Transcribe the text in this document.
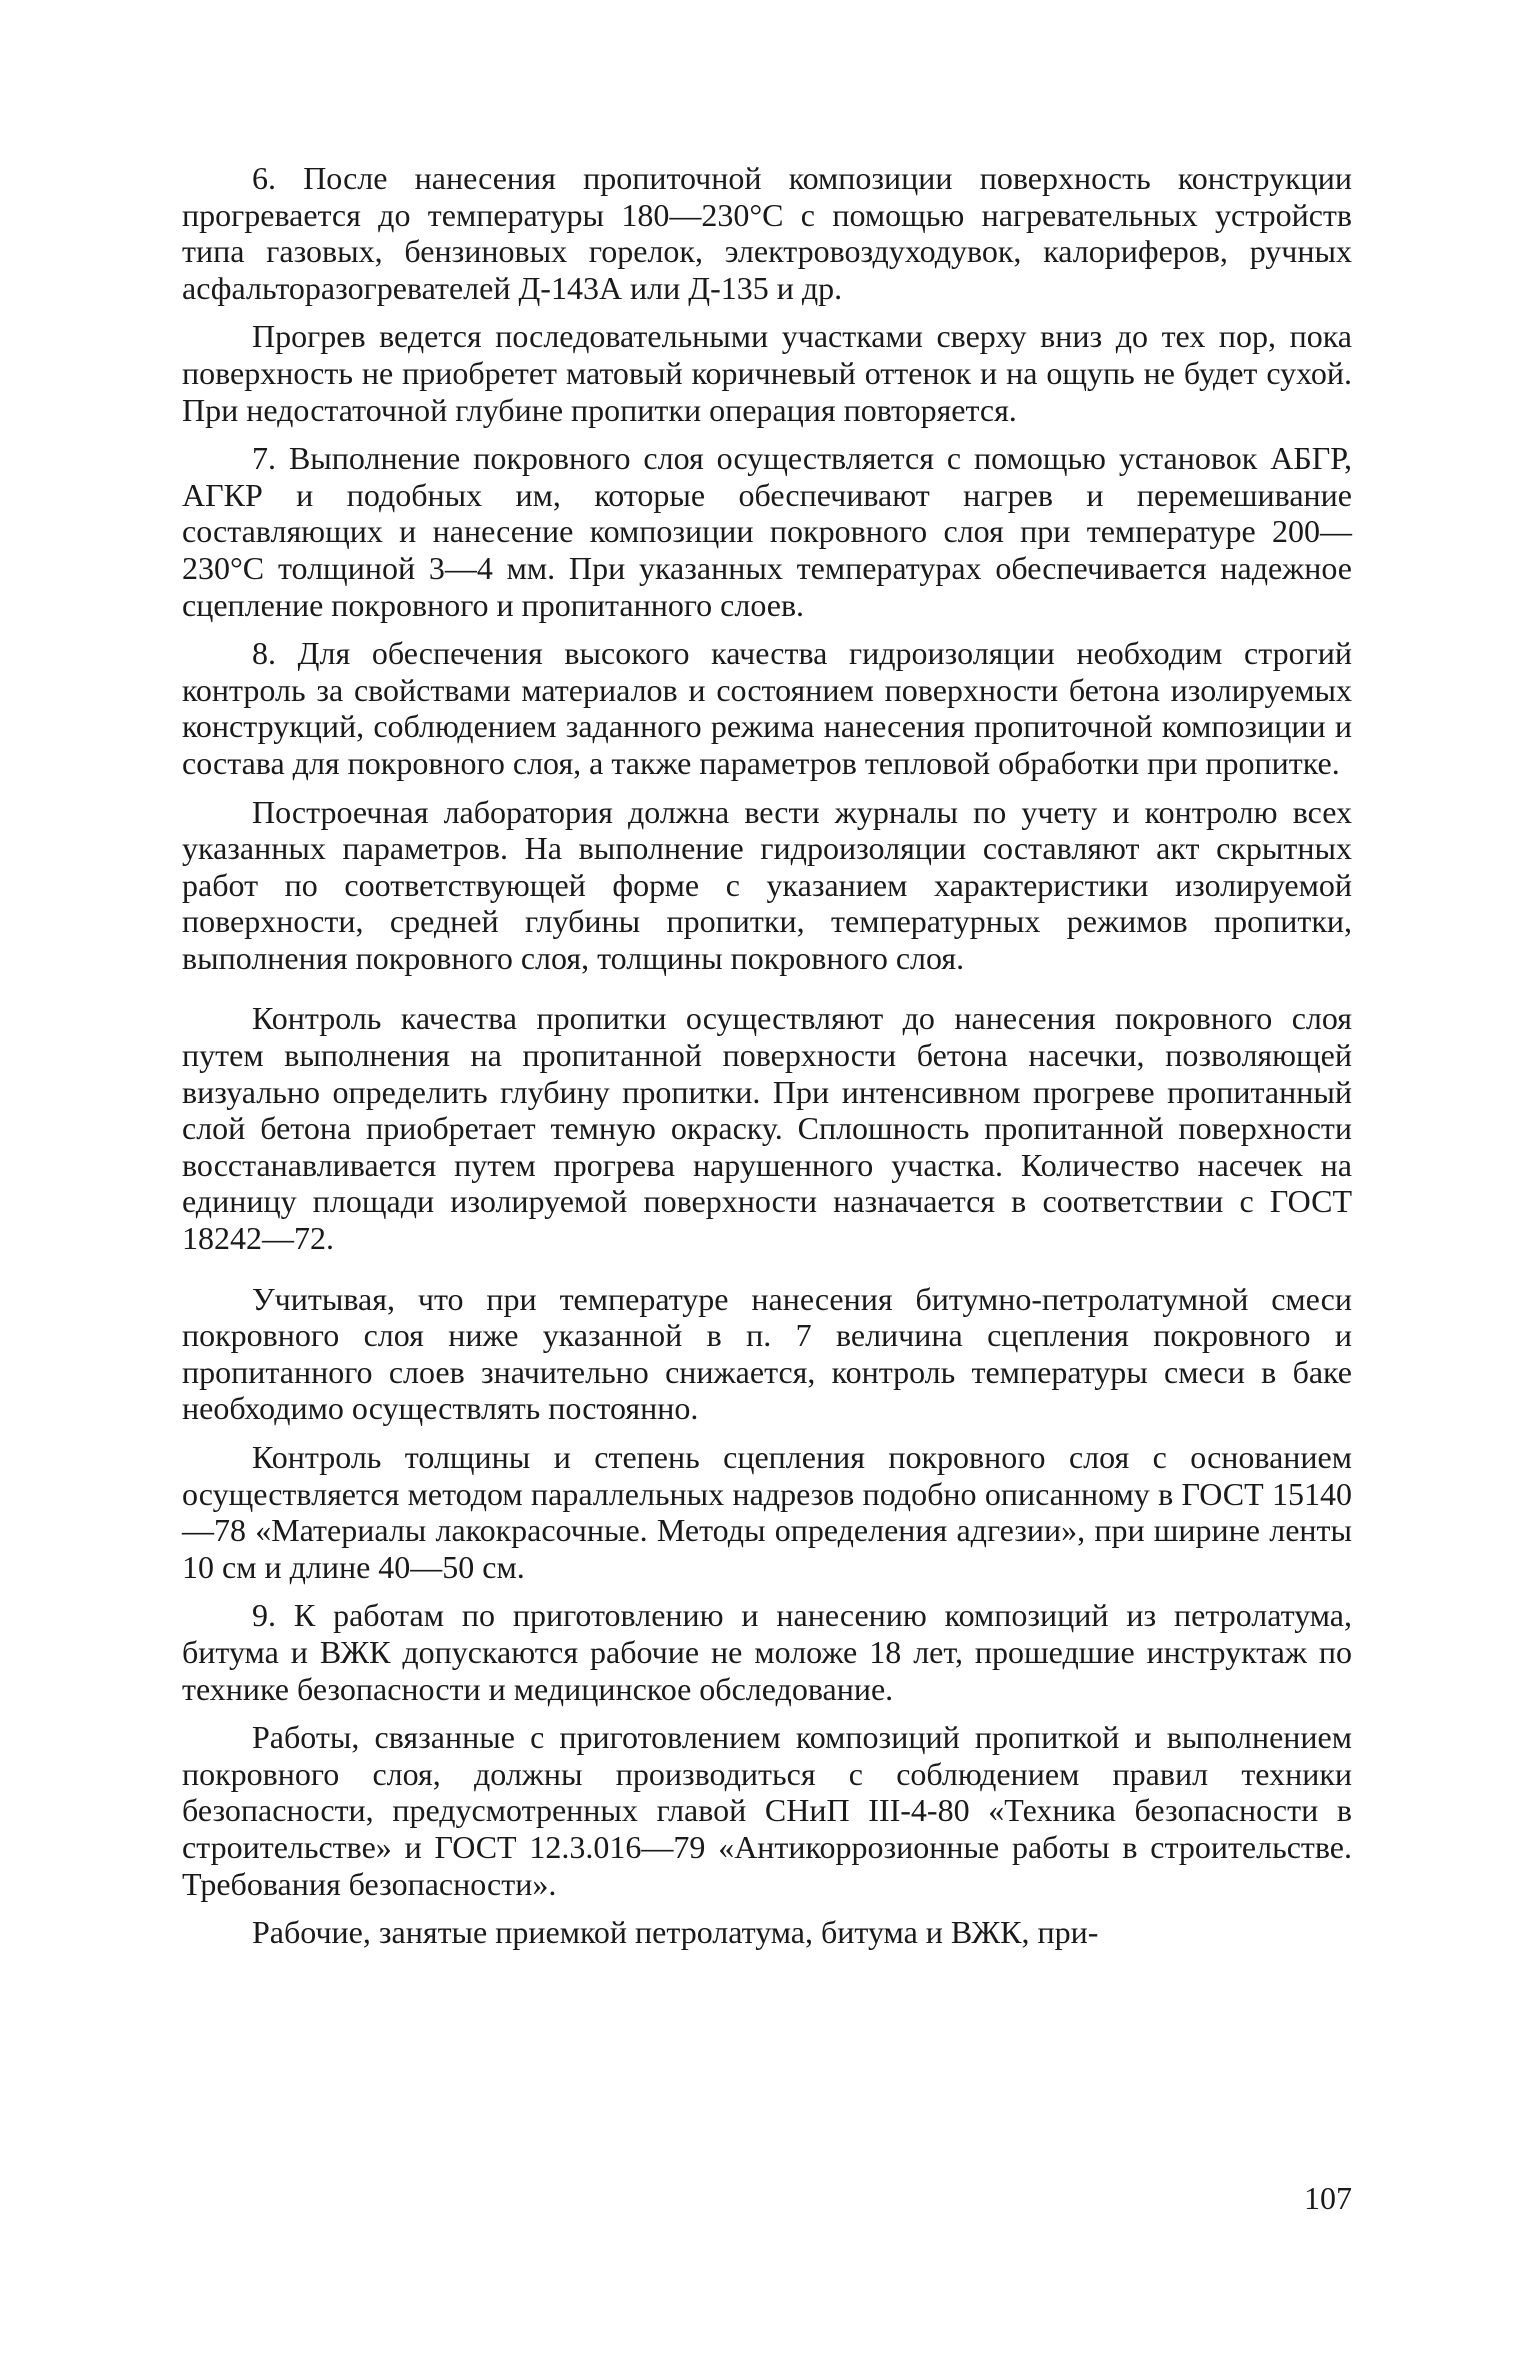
6. После нанесения пропиточной композиции поверхность конструкции прогревается до температуры 180—230°С с помощью нагревательных устройств типа газовых, бензиновых горелок, электровоздуходувок, калориферов, ручных асфальторазогревателей Д-143А или Д-135 и др.

Прогрев ведется последовательными участками сверху вниз до тех пор, пока поверхность не приобретет матовый коричневый оттенок и на ощупь не будет сухой. При недостаточной глубине пропитки операция повторяется.

7. Выполнение покровного слоя осуществляется с помощью установок АБГР, АГКР и подобных им, которые обеспечивают нагрев и перемешивание составляющих и нанесение композиции покровного слоя при температуре 200—230°С толщиной 3—4 мм. При указанных температурах обеспечивается надежное сцепление покровного и пропитанного слоев.

8. Для обеспечения высокого качества гидроизоляции необходим строгий контроль за свойствами материалов и состоянием поверхности бетона изолируемых конструкций, соблюдением заданного режима нанесения пропиточной композиции и состава для покровного слоя, а также параметров тепловой обработки при пропитке.

Построечная лаборатория должна вести журналы по учету и контролю всех указанных параметров. На выполнение гидроизоляции составляют акт скрытных работ по соответствующей форме с указанием характеристики изолируемой поверхности, средней глубины пропитки, температурных режимов пропитки, выполнения покровного слоя, толщины покровного слоя.

Контроль качества пропитки осуществляют до нанесения покровного слоя путем выполнения на пропитанной поверхности бетона насечки, позволяющей визуально определить глубину пропитки. При интенсивном прогреве пропитанный слой бетона приобретает темную окраску. Сплошность пропитанной поверхности восстанавливается путем прогрева нарушенного участка. Количество насечек на единицу площади изолируемой поверхности назначается в соответствии с ГОСТ 18242—72.

Учитывая, что при температуре нанесения битумно-петролатумной смеси покровного слоя ниже указанной в п. 7 величина сцепления покровного и пропитанного слоев значительно снижается, контроль температуры смеси в баке необходимо осуществлять постоянно.

Контроль толщины и степень сцепления покровного слоя с основанием осуществляется методом параллельных надрезов подобно описанному в ГОСТ 15140—78 «Материалы лакокрасочные. Методы определения адгезии», при ширине ленты 10 см и длине 40—50 см.

9. К работам по приготовлению и нанесению композиций из петролатума, битума и ВЖК допускаются рабочие не моложе 18 лет, прошедшие инструктаж по технике безопасности и медицинское обследование.

Работы, связанные с приготовлением композиций пропиткой и выполнением покровного слоя, должны производиться с соблюдением правил техники безопасности, предусмотренных главой СНиП III-4-80 «Техника безопасности в строительстве» и ГОСТ 12.3.016—79 «Антикоррозионные работы в строительстве. Требования безопасности».

Рабочие, занятые приемкой петролатума, битума и ВЖК, при-

107
